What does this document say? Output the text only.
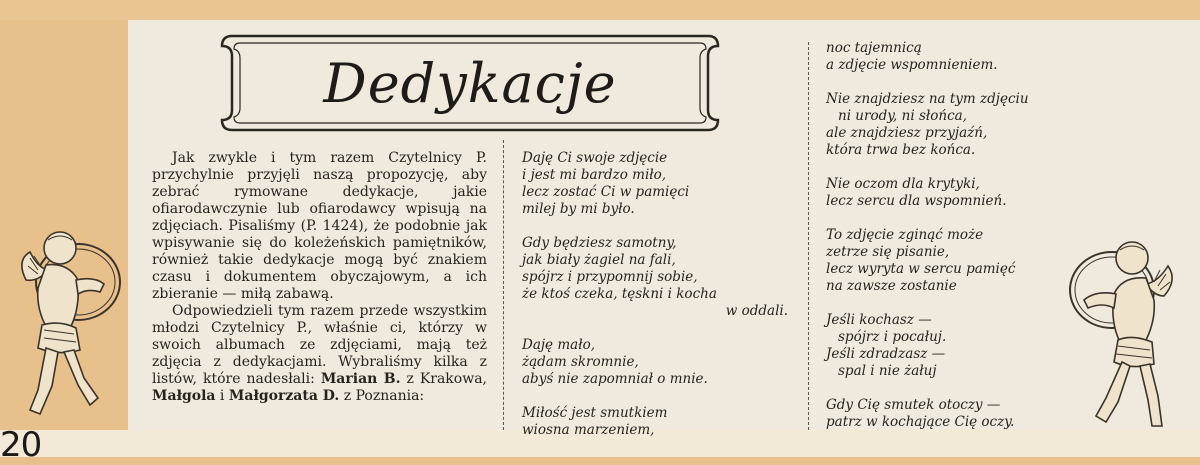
20
Dedykacje

Jak zwykle i tym razem Czytelnicy P. przychylnie przyjęli naszą propozycję, aby zebrać rymowane dedykacje, jakie ofiarodawczynie lub ofiarodawcy wpisują na zdjęciach. Pisaliśmy (P. 1424), że podobnie jak wpisywanie się do koleżeńskich pamiętników, również takie dedykacje mogą być znakiem czasu i dokumentem obyczajowym, a ich zbieranie — miłą zabawą.

Odpowiedzieli tym razem przede wszystkim młodzi Czytelnicy P., właśnie ci, którzy w swoich albumach ze zdjęciami, mają też zdjęcia z dedykacjami. Wybraliśmy kilka z listów, które nadesłali: Marian B. z Krakowa, Małgola i Małgorzata D. z Poznania:

Daję Ci swoje zdjęcie
i jest mi bardzo miło,
lecz zostać Ci w pamięci
milej by mi było.
Gdy będziesz samotny,
jak biały żagiel na fali,
spójrz i przypomnij sobie,
że ktoś czeka, tęskni i kocha
w oddali.
Daję mało,
żądam skromnie,
abyś nie zapomniał o mnie.
Miłość jest smutkiem
wiosna marzeniem,
noc tajemnicą
a zdjęcie wspomnieniem.
Nie znajdziesz na tym zdjęciu
ni urody, ni słońca,
ale znajdziesz przyjaźń,
która trwa bez końca.
Nie oczom dla krytyki,
lecz sercu dla wspomnień.
To zdjęcie zginąć może
zetrze się pisanie,
lecz wyryta w sercu pamięć
na zawsze zostanie
Jeśli kochasz —
spójrz i pocałuj.
Jeśli zdradzasz —
spal i nie żałuj
Gdy Cię smutek otoczy —
patrz w kochające Cię oczy.
